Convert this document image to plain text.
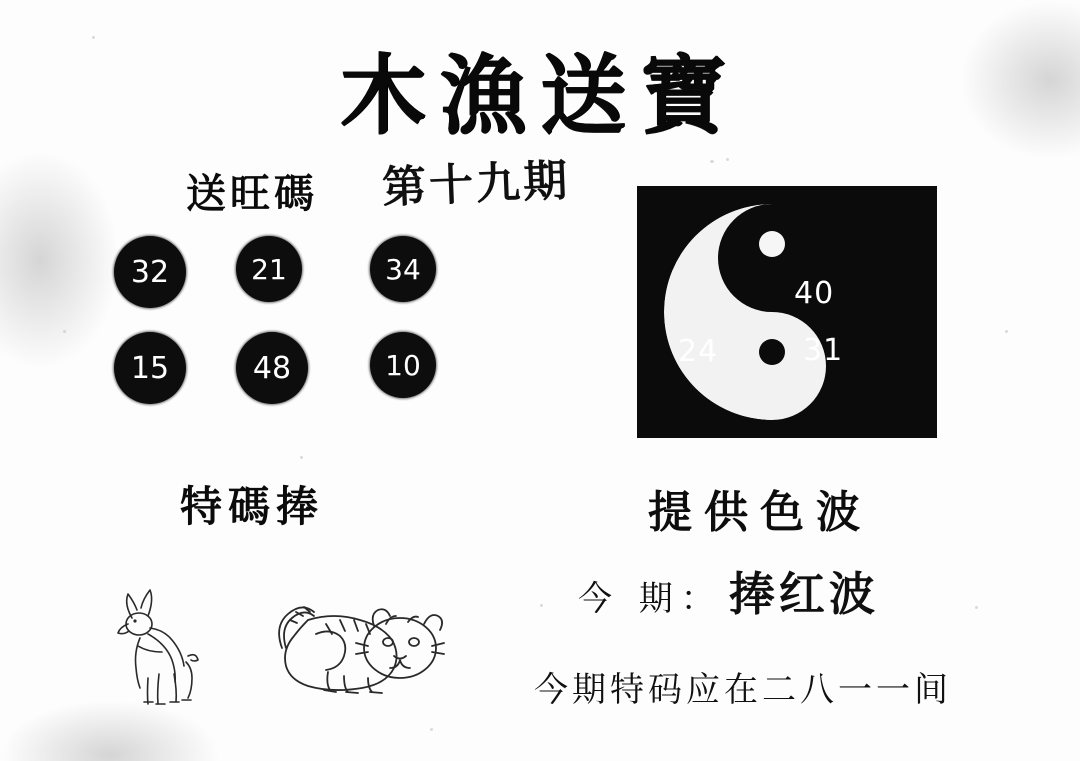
木漁送寶
送旺碼 第十九期
32	21	34
15	48	10
40
24	31
特碼捧	提供色波
今 期： 捧红波
今期特码应在二八一一间
